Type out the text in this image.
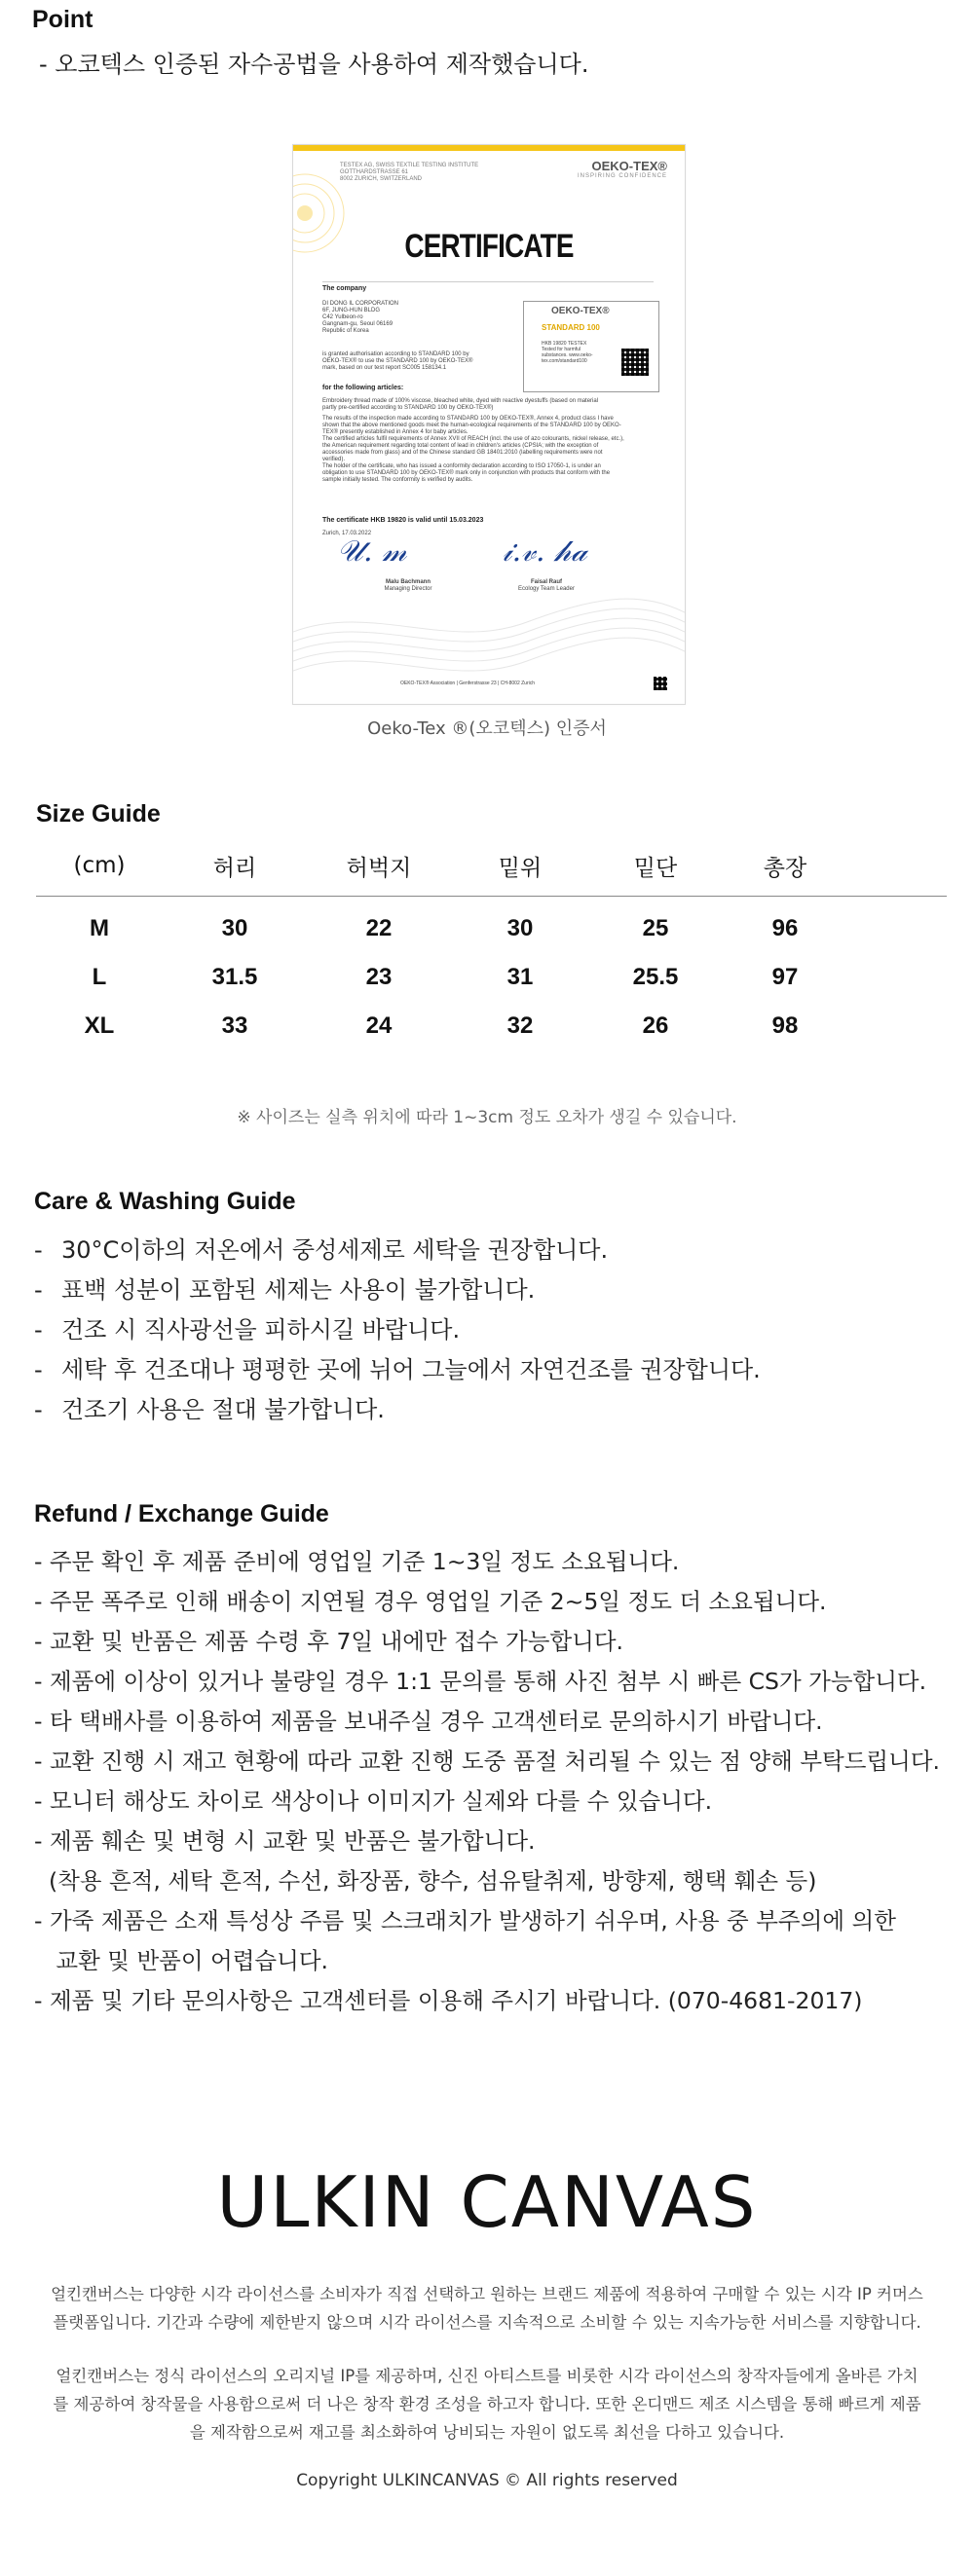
Point
- 오코텍스 인증된 자수공법을 사용하여 제작했습니다.
TESTEX AG, SWISS TEXTILE TESTING INSTITUTE
GOTTHARDSTRASSE 61
8002 ZURICH, SWITZERLAND
OEKO-TEX®
INSPIRING CONFIDENCE
CERTIFICATE
The company
DI DONG IL CORPORATION
6F, JUNG-HUN BLDG
C42 Yulbeon-ro
Gangnam-gu, Seoul 06169
Republic of Korea
is granted authorisation according to STANDARD 100 by
OEKO-TEX® to use the STANDARD 100 by OEKO-TEX®
mark, based on our test report SC005 158134.1
OEKO-TEX®
STANDARD 100
HKB 19820 TESTEX
Tested for harmful substances. www.oeko-tex.com/standard100
for the following articles:
Embroidery thread made of 100% viscose, bleached white, dyed with reactive dyestuffs (based on material
partly pre-certified according to STANDARD 100 by OEKO-TEX®)
The results of the inspection made according to STANDARD 100 by OEKO-TEX®, Annex 4, product class I have
shown that the above mentioned goods meet the human-ecological requirements of the STANDARD 100 by OEKO-
TEX® presently established in Annex 4 for baby articles.
The certified articles fulfil requirements of Annex XVII of REACH (incl. the use of azo colourants, nickel release, etc.),
the American requirement regarding total content of lead in children's articles (CPSIA; with the exception of
accessories made from glass) and of the Chinese standard GB 18401:2010 (labelling requirements were not
verified).
The holder of the certificate, who has issued a conformity declaration according to ISO 17050-1, is under an
obligation to use STANDARD 100 by OEKO-TEX® mark only in conjunction with products that conform with the
sample initially tested. The conformity is verified by audits.
The certificate HKB 19820 is valid until 15.03.2023
Zurich, 17.03.2022
𝒰. 𝓂	𝒾.𝓋. 𝒽𝒶
Malu Bachmann
Managing Director
Faisal Rauf
Ecology Team Leader
OEKO-TEX® Association | Genferstrasse 23 | CH-8002 Zurich
Oeko-Tex ®(오코텍스) 인증서
Size Guide
(cm)	허리	허벅지	밑위	밑단	총장	
M	30	22	30	25	96	
L	31.5	23	31	25.5	97	
XL	33	24	32	26	98	
※ 사이즈는 실측 위치에 따라 1~3cm 정도 오차가 생길 수 있습니다.
Care & Washing Guide
- 30°C이하의 저온에서 중성세제로 세탁을 권장합니다.
- 표백 성분이 포함된 세제는 사용이 불가합니다.
- 건조 시 직사광선을 피하시길 바랍니다.
- 세탁 후 건조대나 평평한 곳에 뉘어 그늘에서 자연건조를 권장합니다.
- 건조기 사용은 절대 불가합니다.
Refund / Exchange Guide
- 주문 확인 후 제품 준비에 영업일 기준 1~3일 정도 소요됩니다.
- 주문 폭주로 인해 배송이 지연될 경우 영업일 기준 2~5일 정도 더 소요됩니다.
- 교환 및 반품은 제품 수령 후 7일 내에만 접수 가능합니다.
- 제품에 이상이 있거나 불량일 경우 1:1 문의를 통해 사진 첨부 시 빠른 CS가 가능합니다.
- 타 택배사를 이용하여 제품을 보내주실 경우 고객센터로 문의하시기 바랍니다.
- 교환 진행 시 재고 현황에 따라 교환 진행 도중 품절 처리될 수 있는 점 양해 부탁드립니다.
- 모니터 해상도 차이로 색상이나 이미지가 실제와 다를 수 있습니다.
- 제품 훼손 및 변형 시 교환 및 반품은 불가합니다.
(착용 흔적, 세탁 흔적, 수선, 화장품, 향수, 섬유탈취제, 방향제, 행택 훼손 등)
- 가죽 제품은 소재 특성상 주름 및 스크래치가 발생하기 쉬우며, 사용 중 부주의에 의한
교환 및 반품이 어렵습니다.
- 제품 및 기타 문의사항은 고객센터를 이용해 주시기 바랍니다. (070-4681-2017)
ULKIN CANVAS
얼킨캔버스는 다양한 시각 라이선스를 소비자가 직접 선택하고 원하는 브랜드 제품에 적용하여 구매할 수 있는 시각 IP 커머스 플랫폼입니다. 기간과 수량에 제한받지 않으며 시각 라이선스를 지속적으로 소비할 수 있는 지속가능한 서비스를 지향합니다.
얼킨캔버스는 정식 라이선스의 오리지널 IP를 제공하며, 신진 아티스트를 비롯한 시각 라이선스의 창작자들에게 올바른 가치를 제공하여 창작물을 사용함으로써 더 나은 창작 환경 조성을 하고자 합니다. 또한 온디맨드 제조 시스템을 통해 빠르게 제품을 제작함으로써 재고를 최소화하여 낭비되는 자원이 없도록 최선을 다하고 있습니다.
Copyright ULKINCANVAS © All rights reserved
